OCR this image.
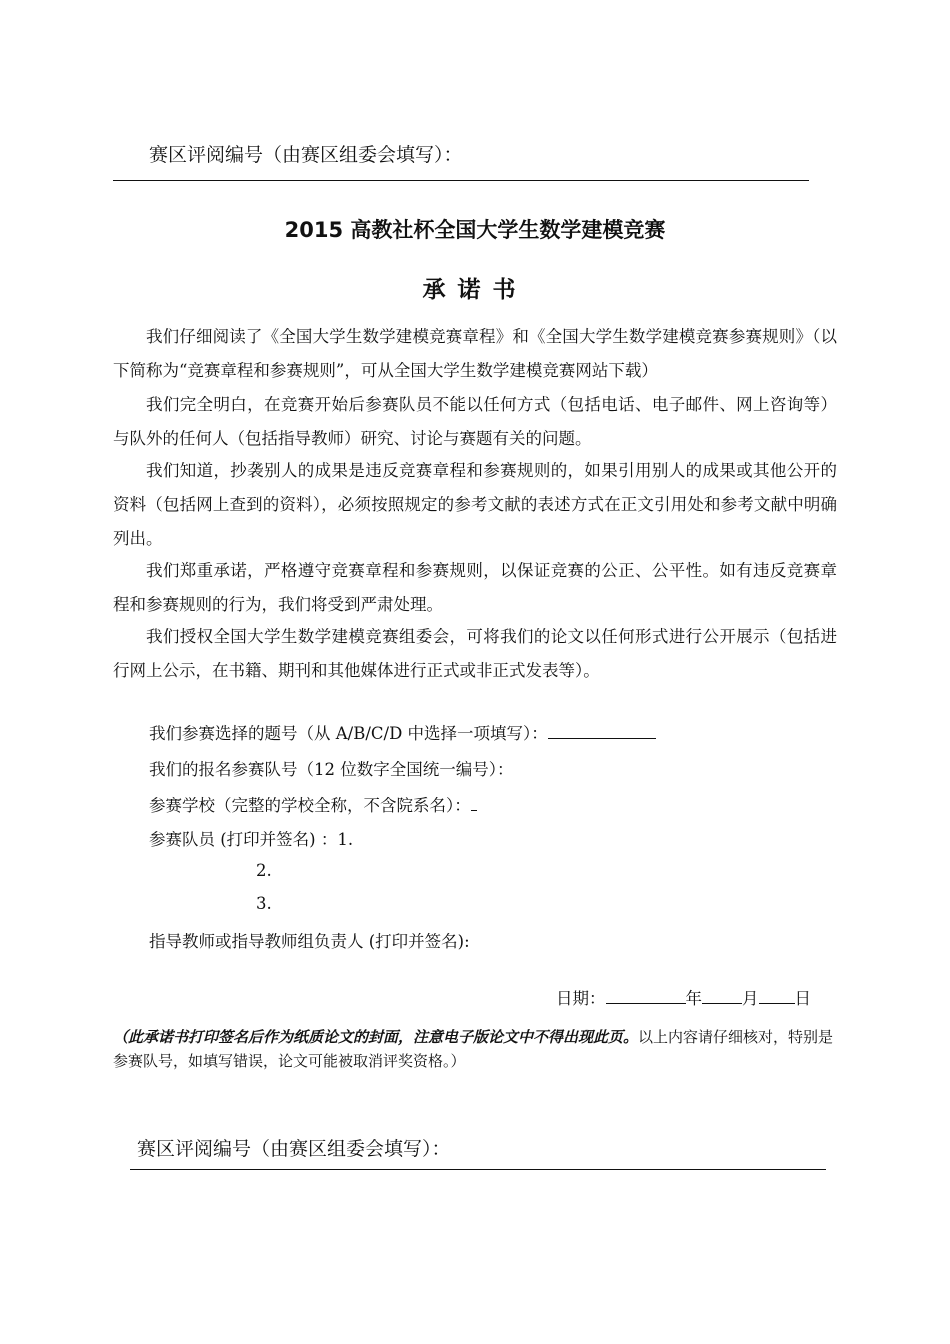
赛区评阅编号（由赛区组委会填写）：
2015 高教社杯全国大学生数学建模竞赛
承诺书

我们仔细阅读了《全国大学生数学建模竞赛章程》和《全国大学生数学建模竞赛参赛规则》（以下简称为“竞赛章程和参赛规则”，可从全国大学生数学建模竞赛网站下载）

我们完全明白，在竞赛开始后参赛队员不能以任何方式（包括电话、电子邮件、网上咨询等）与队外的任何人（包括指导教师）研究、讨论与赛题有关的问题。

我们知道，抄袭别人的成果是违反竞赛章程和参赛规则的，如果引用别人的成果或其他公开的资料（包括网上查到的资料），必须按照规定的参考文献的表述方式在正文引用处和参考文献中明确列出。

我们郑重承诺，严格遵守竞赛章程和参赛规则，以保证竞赛的公正、公平性。如有违反竞赛章程和参赛规则的行为，我们将受到严肃处理。

我们授权全国大学生数学建模竞赛组委会，可将我们的论文以任何形式进行公开展示（包括进行网上公示，在书籍、期刊和其他媒体进行正式或非正式发表等）。

我们参赛选择的题号（从 A/B/C/D 中选择一项填写）：
我们的报名参赛队号（12 位数字全国统一编号）：
参赛学校（完整的学校全称，不含院系名）：
参赛队员 (打印并签名) ：1.
2.
3.
指导教师或指导教师组负责人 (打印并签名):
日期：	年 月 日

（此承诺书打印签名后作为纸质论文的封面，注意电子版论文中不得出现此页。以上内容请仔细核对，特别是参赛队号，如填写错误，论文可能被取消评奖资格。）

赛区评阅编号（由赛区组委会填写）：
